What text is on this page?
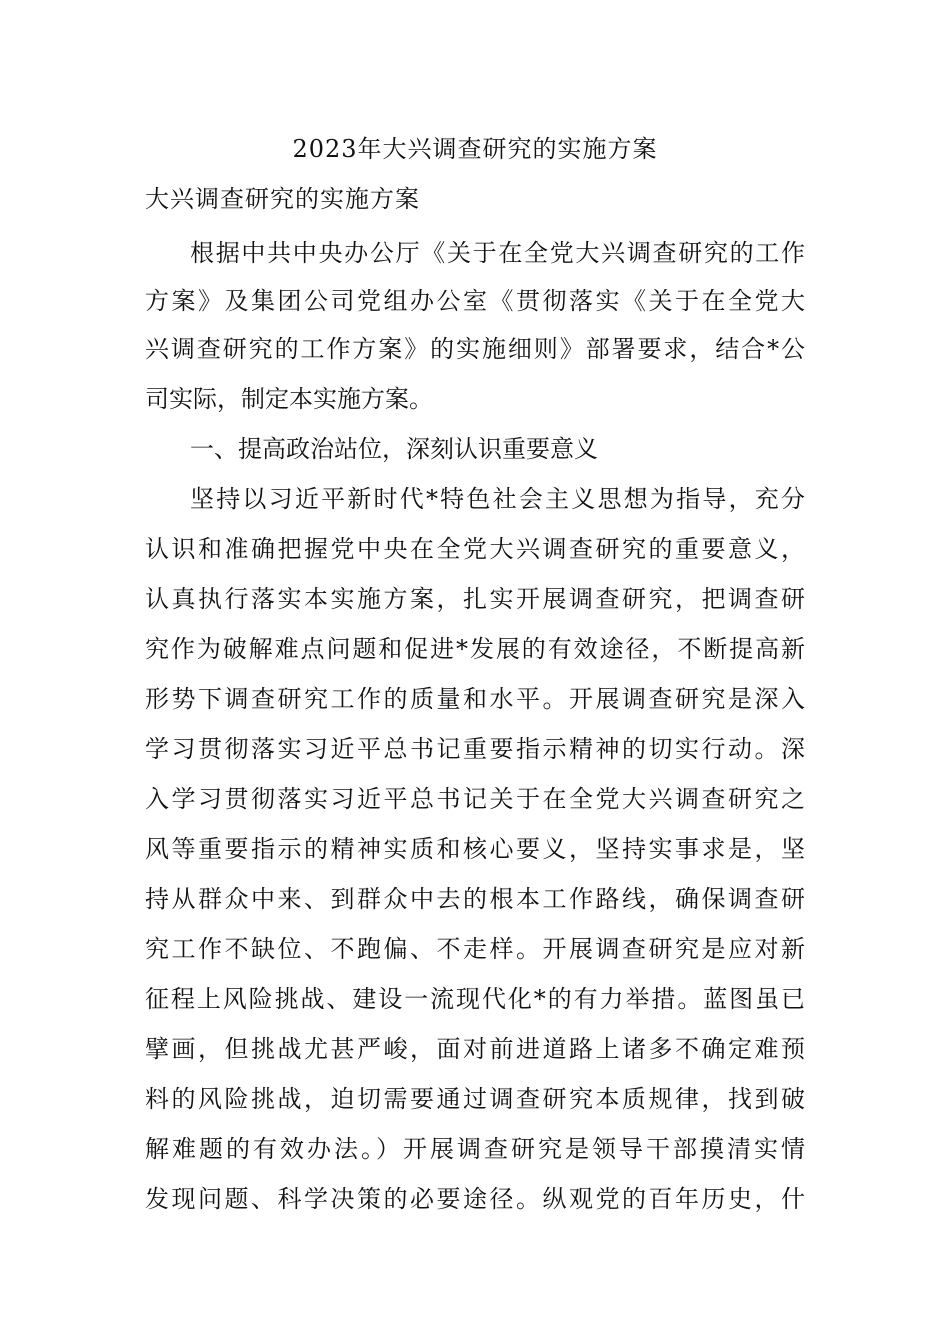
2023年大兴调查研究的实施方案
大兴调查研究的实施方案
根据中共中央办公厅《关于在全党大兴调查研究的工作
方案》及集团公司党组办公室《贯彻落实《关于在全党大
兴调查研究的工作方案》的实施细则》部署要求，结合*公
司实际，制定本实施方案。
一、提高政治站位，深刻认识重要意义
坚持以习近平新时代*特色社会主义思想为指导，充分
认识和准确把握党中央在全党大兴调查研究的重要意义，
认真执行落实本实施方案，扎实开展调查研究，把调查研
究作为破解难点问题和促进*发展的有效途径，不断提高新
形势下调查研究工作的质量和水平。开展调查研究是深入
学习贯彻落实习近平总书记重要指示精神的切实行动。深
入学习贯彻落实习近平总书记关于在全党大兴调查研究之
风等重要指示的精神实质和核心要义，坚持实事求是，坚
持从群众中来、到群众中去的根本工作路线，确保调查研
究工作不缺位、不跑偏、不走样。开展调查研究是应对新
征程上风险挑战、建设一流现代化*的有力举措。蓝图虽已
擘画，但挑战尤甚严峻，面对前进道路上诸多不确定难预
料的风险挑战，迫切需要通过调查研究本质规律，找到破
解难题的有效办法。）开展调查研究是领导干部摸清实情
发现问题、科学决策的必要途径。纵观党的百年历史，什
